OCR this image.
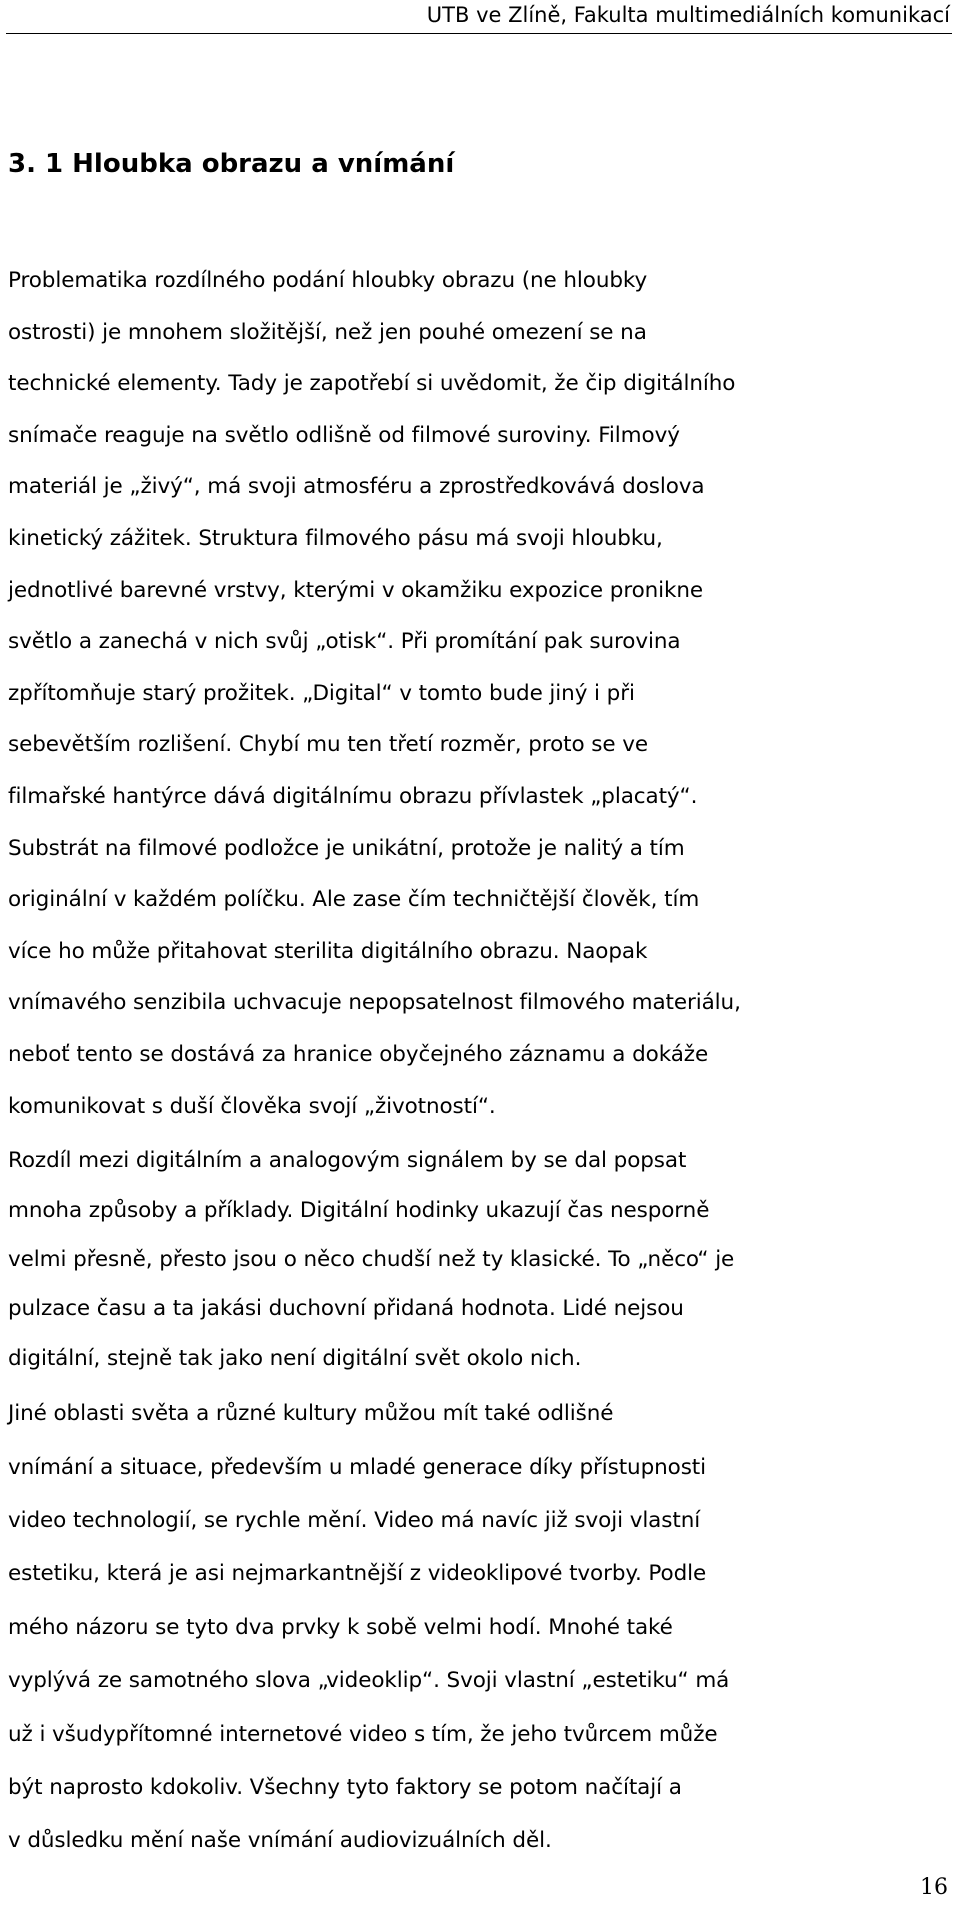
UTB ve Zlíně, Fakulta multimediálních komunikací
3. 1 Hloubka obrazu a vnímání

Problematika rozdílného podání hloubky obrazu (ne hloubky
ostrosti) je mnohem složitější, než jen pouhé omezení se na
technické elementy. Tady je zapotřebí si uvědomit, že čip digitálního
snímače reaguje na světlo odlišně od filmové suroviny. Filmový
materiál je „živý“, má svoji atmosféru a zprostředkovává doslova
kinetický zážitek. Struktura filmového pásu má svoji hloubku,
jednotlivé barevné vrstvy, kterými v okamžiku expozice pronikne
světlo a zanechá v nich svůj „otisk“. Při promítání pak surovina
zpřítomňuje starý prožitek. „Digital“ v tomto bude jiný i při
sebevětším rozlišení. Chybí mu ten třetí rozměr, proto se ve
filmařské hantýrce dává digitálnímu obrazu přívlastek „placatý“.
Substrát na filmové podložce je unikátní, protože je nalitý a tím
originální v každém políčku. Ale zase čím techničtější člověk, tím
více ho může přitahovat sterilita digitálního obrazu. Naopak
vnímavého senzibila uchvacuje nepopsatelnost filmového materiálu,
neboť tento se dostává za hranice obyčejného záznamu a dokáže
komunikovat s duší člověka svojí „životností“.

Rozdíl mezi digitálním a analogovým signálem by se dal popsat
mnoha způsoby a příklady. Digitální hodinky ukazují čas nesporně
velmi přesně, přesto jsou o něco chudší než ty klasické. To „něco“ je
pulzace času a ta jakási duchovní přidaná hodnota. Lidé nejsou
digitální, stejně tak jako není digitální svět okolo nich.

Jiné oblasti světa a různé kultury můžou mít také odlišné
vnímání a situace, především u mladé generace díky přístupnosti
video technologií, se rychle mění. Video má navíc již svoji vlastní
estetiku, která je asi nejmarkantnější z videoklipové tvorby. Podle
mého názoru se tyto dva prvky k sobě velmi hodí. Mnohé také
vyplývá ze samotného slova „videoklip“. Svoji vlastní „estetiku“ má
už i všudypřítomné internetové video s tím, že jeho tvůrcem může
být naprosto kdokoliv. Všechny tyto faktory se potom načítají a
v důsledku mění naše vnímání audiovizuálních děl.

16
